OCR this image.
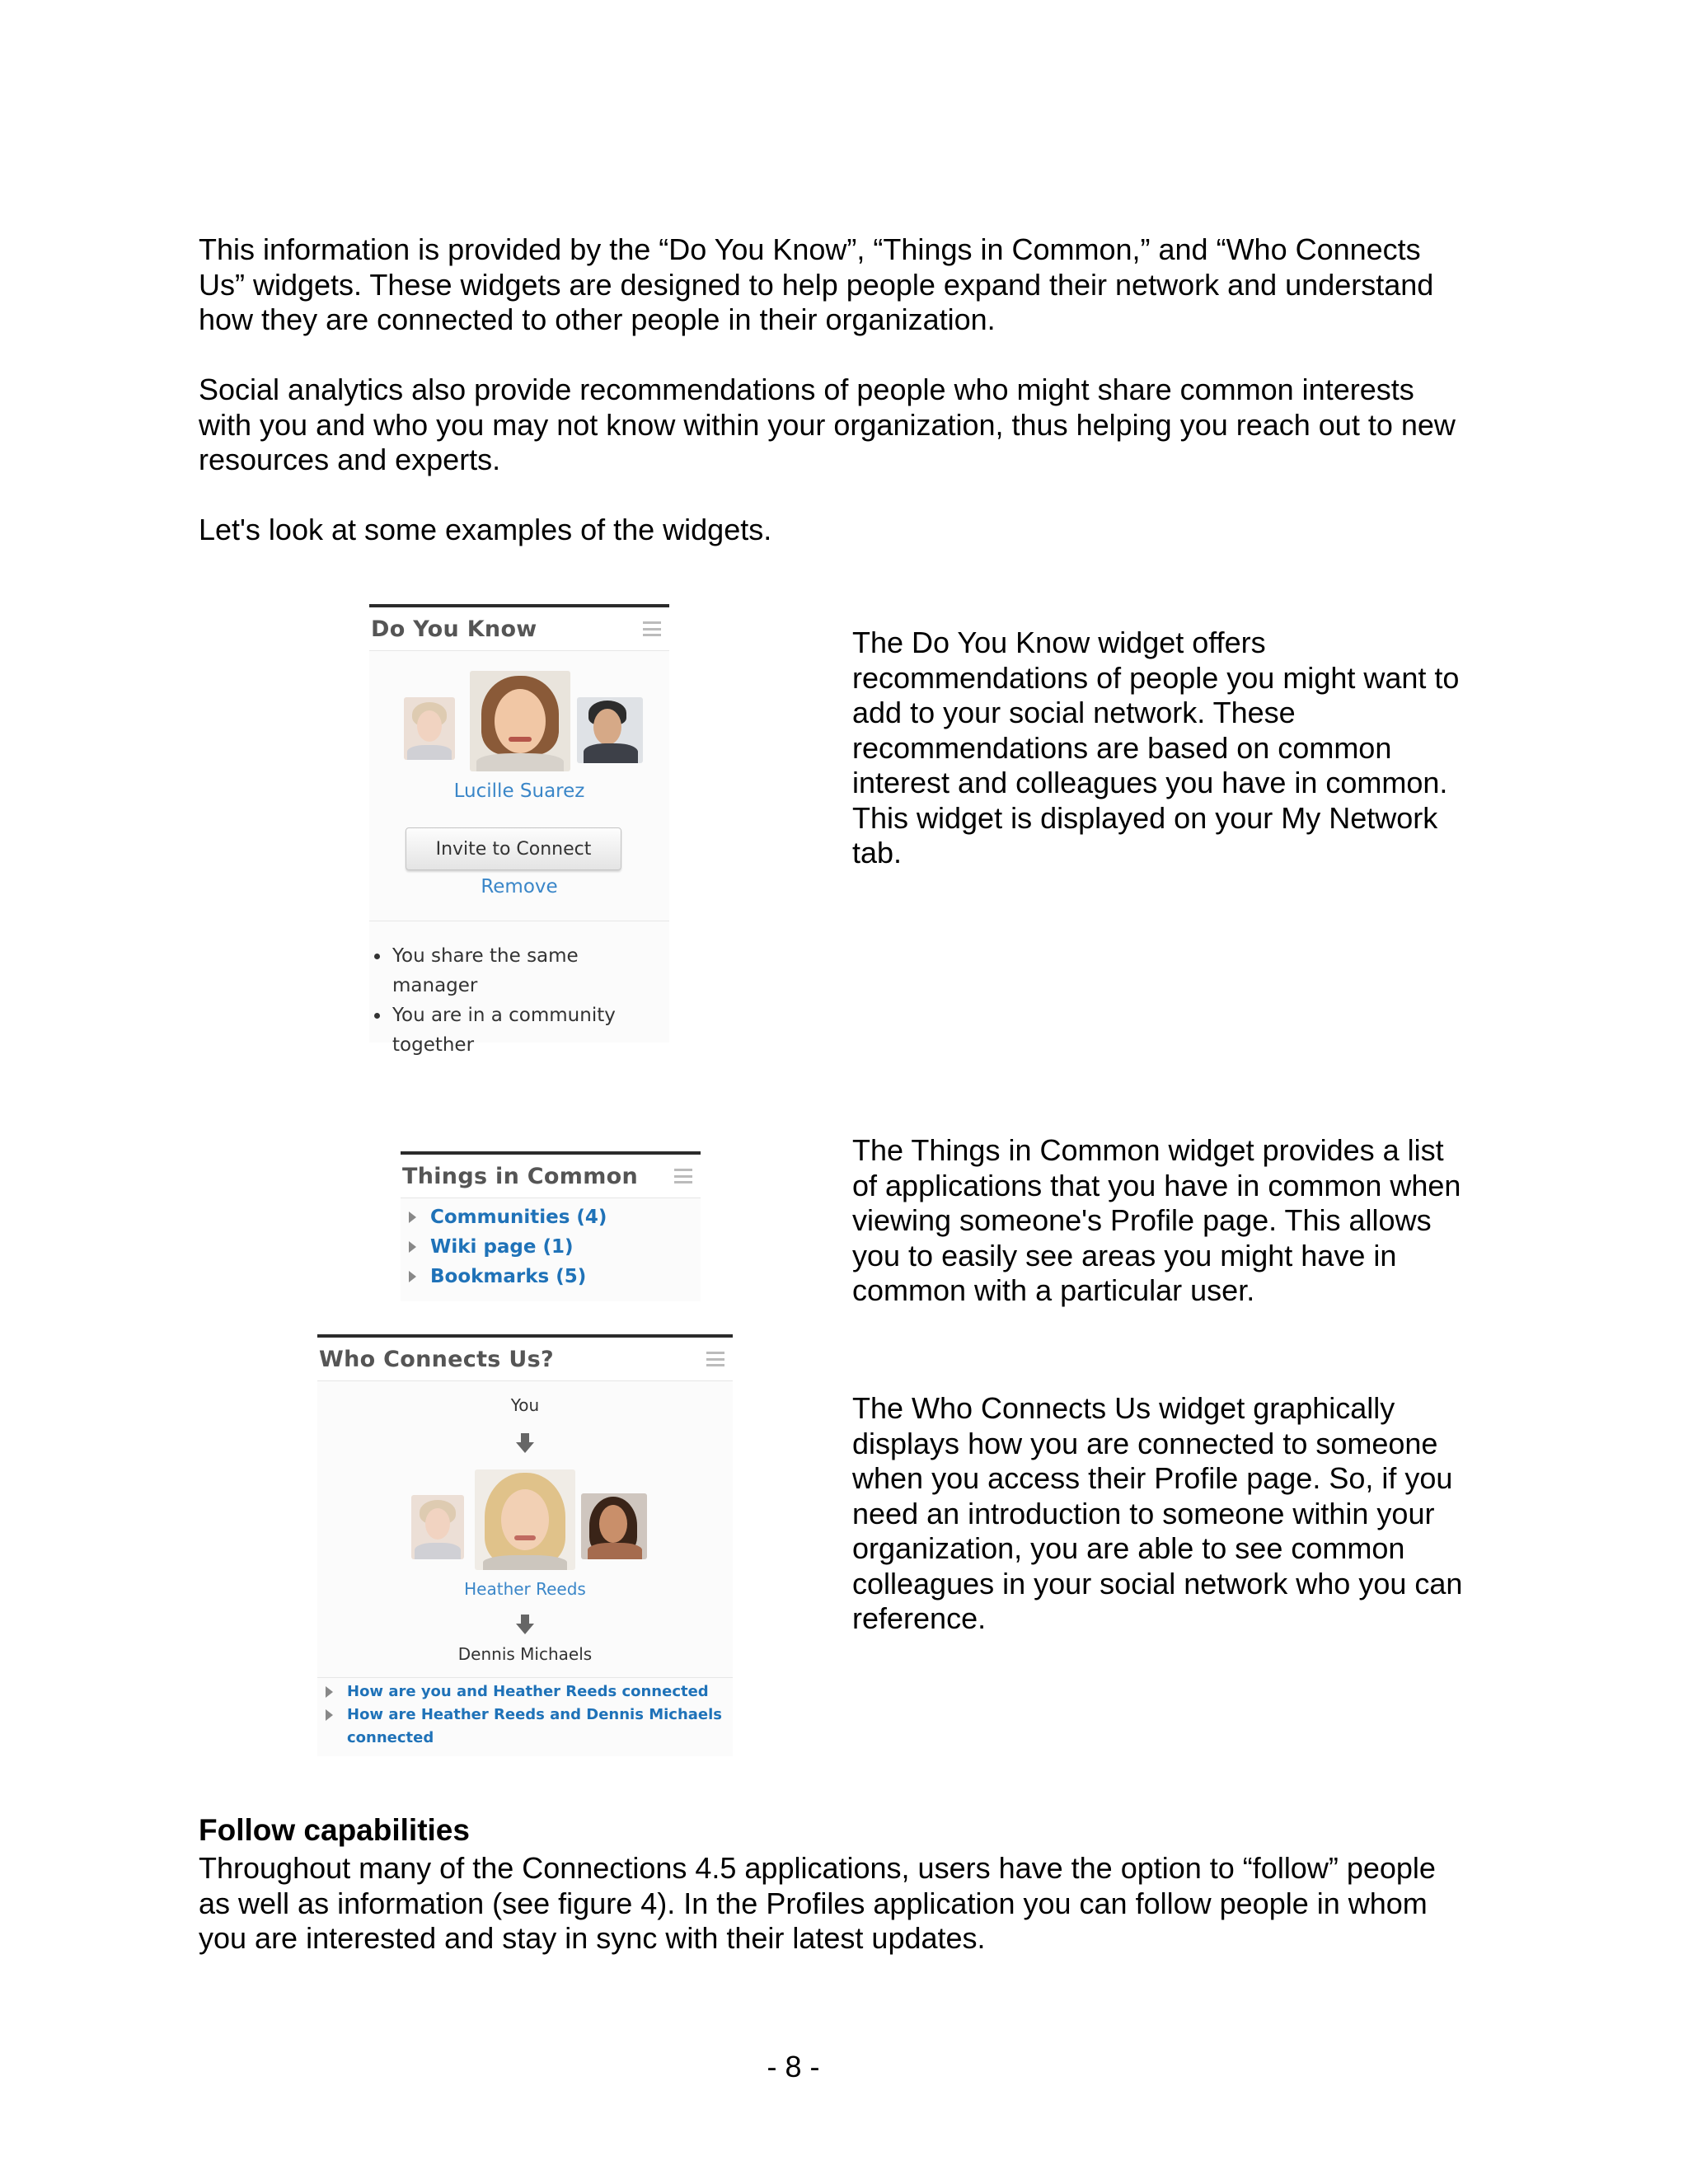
This information is provided by the “Do You Know”, “Things in Common,” and “Who Connects
Us” widgets. These widgets are designed to help people expand their network and understand
how they are connected to other people in their organization.

Social analytics also provide recommendations of people who might share common interests
with you and who you may not know within your organization, thus helping you reach out to new
resources and experts.

Let's look at some examples of the widgets.

Do You Know
Lucille Suarez
Invite to Connect
Remove
You share the same manager
You are in a community
together

The Do You Know widget offers
recommendations of people you might want to
add to your social network. These
recommendations are based on common
interest and colleagues you have in common.
This widget is displayed on your My Network
tab.

Things in Common
Communities (4)
Wiki page (1)
Bookmarks (5)

The Things in Common widget provides a list
of applications that you have in common when
viewing someone's Profile page. This allows
you to easily see areas you might have in
common with a particular user.

Who Connects Us?
You
Heather Reeds
Dennis Michaels
How are you and Heather Reeds connected
How are Heather Reeds and Dennis Michaels
connected

The Who Connects Us widget graphically
displays how you are connected to someone
when you access their Profile page. So, if you
need an introduction to someone within your
organization, you are able to see common
colleagues in your social network who you can
reference.

Follow capabilities

Throughout many of the Connections 4.5 applications, users have the option to “follow” people
as well as information (see figure 4). In the Profiles application you can follow people in whom
you are interested and stay in sync with their latest updates.

- 8 -
